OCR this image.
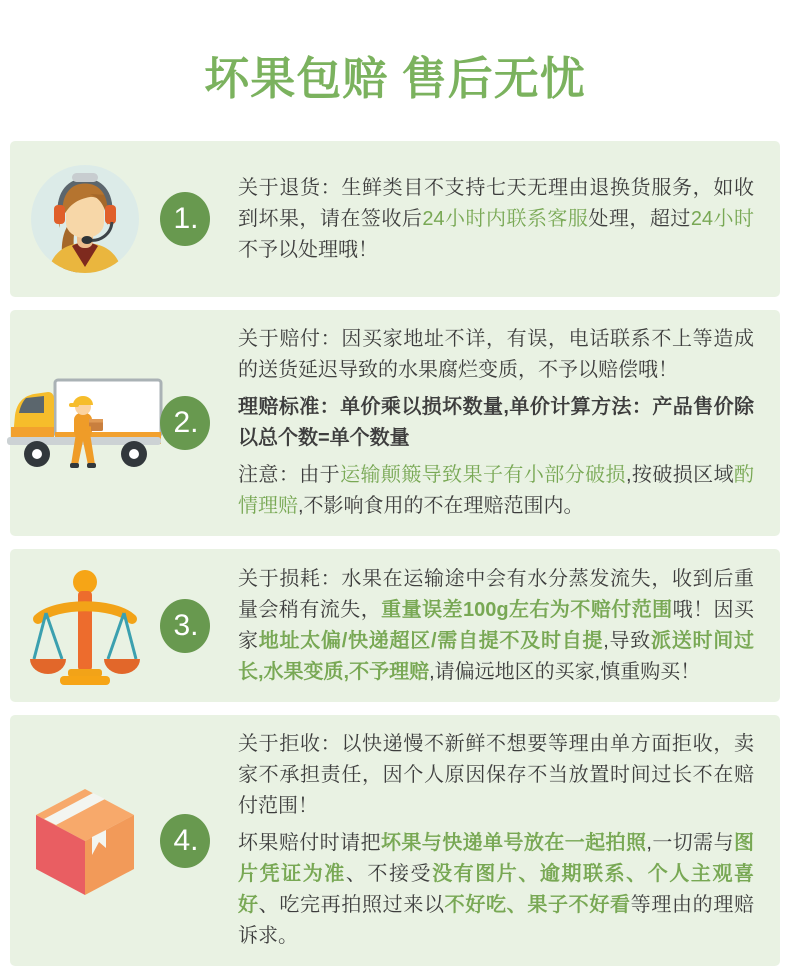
坏果包赔 售后无忧
1.

关于退货：生鲜类目不支持七天无理由退换货服务，如收到坏果，请在签收后24小时内联系客服处理，超过24小时不予以处理哦！

2.

关于赔付：因买家地址不详，有误，电话联系不上等造成的送货延迟导致的水果腐烂变质，不予以赔偿哦！

理赔标准：单价乘以损坏数量,单价计算方法：产品售价除以总个数=单个数量

注意：由于运输颠簸导致果子有小部分破损,按破损区域酌情理赔,不影响食用的不在理赔范围内。

3.

关于损耗：水果在运输途中会有水分蒸发流失，收到后重量会稍有流失，重量误差100g左右为不赔付范围哦！因买家地址太偏/快递超区/需自提不及时自提,导致派送时间过长,水果变质,不予理赔,请偏远地区的买家,慎重购买！

4.

关于拒收：以快递慢不新鲜不想要等理由单方面拒收，卖家不承担责任，因个人原因保存不当放置时间过长不在赔付范围！

坏果赔付时请把坏果与快递单号放在一起拍照,一切需与图片凭证为准、不接受没有图片、逾期联系、个人主观喜好、吃完再拍照过来以不好吃、果子不好看等理由的理赔诉求。
